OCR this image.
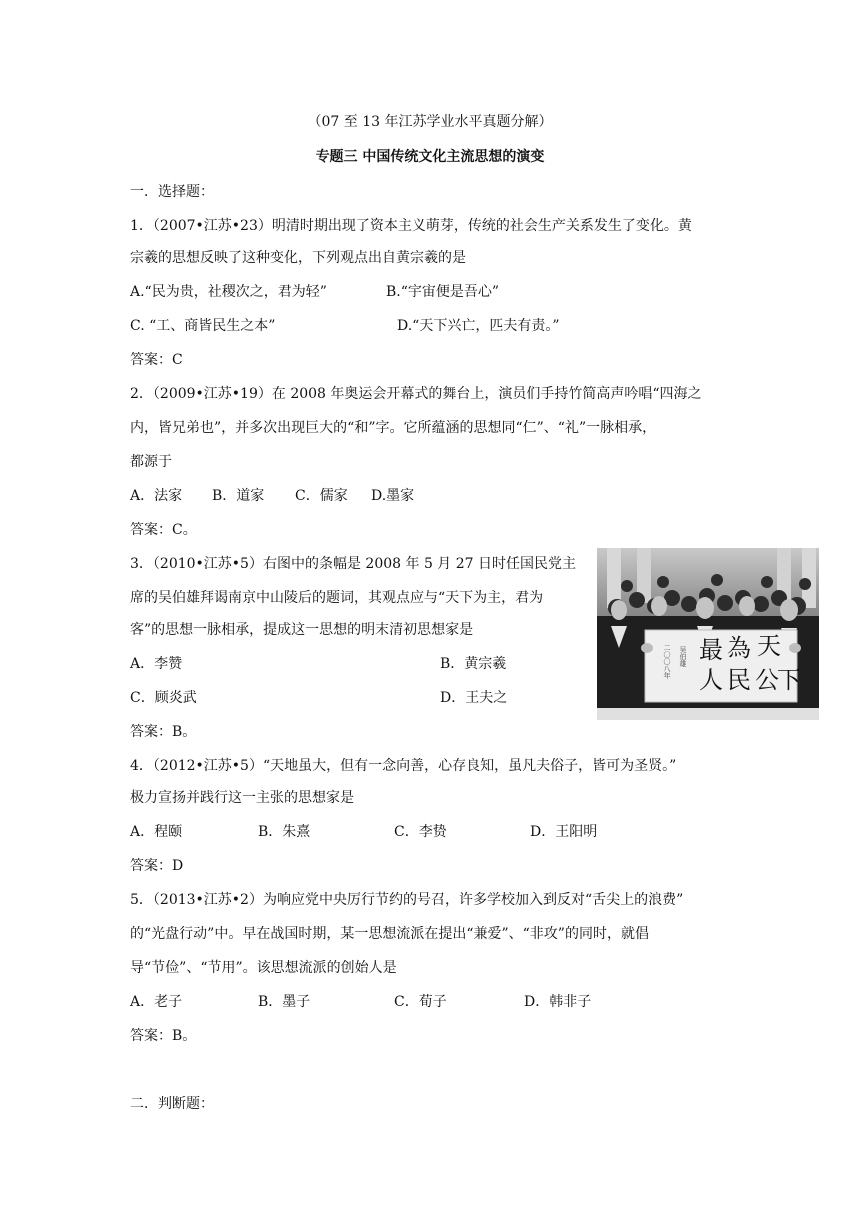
（07 至 13 年江苏学业水平真题分解）
专题三 中国传统文化主流思想的演变
一．选择题：
1．（2007•江苏•23）明清时期出现了资本主义萌芽，传统的社会生产关系发生了变化。黄
宗羲的思想反映了这种变化，下列观点出自黄宗羲的是
A.“民为贵，社稷次之，君为轻”	B.“宇宙便是吾心”
C. “工、商皆民生之本”	D.“天下兴亡，匹夫有责。”
答案：C
2．（2009•江苏•19）在 2008 年奥运会开幕式的舞台上，演员们手持竹简高声吟唱“四海之
内，皆兄弟也”，并多次出现巨大的“和”字。它所蕴涵的思想同“仁”、“礼”一脉相承，
都源于
A．法家 B．道家 C．儒家 D.墨家
答案：C。
3．（2010•江苏•5）右图中的条幅是 2008 年 5 月 27 日时任国民党主
席的吴伯雄拜谒南京中山陵后的题词，其观点应与“天下为主，君为
客”的思想一脉相承，提成这一思想的明末清初思想家是
A．李赞	B．黄宗羲
C．顾炎武	D．王夫之
答案：B。
二〇〇八年 吴伯雄 最
人
為
民
天
公
下
4．（2012•江苏•5）“天地虽大，但有一念向善，心存良知，虽凡夫俗子，皆可为圣贤。”
极力宣扬并践行这一主张的思想家是
A．程颐	B．朱熹	C．李贽	D．王阳明
答案：D
5．（2013•江苏•2）为响应党中央厉行节约的号召，许多学校加入到反对“舌尖上的浪费”
的“光盘行动”中。早在战国时期，某一思想流派在提出“兼爱”、“非攻”的同时，就倡
导“节俭”、“节用”。该思想流派的创始人是
A．老子	B．墨子	C．荀子	D．韩非子
答案：B。
二．判断题：
